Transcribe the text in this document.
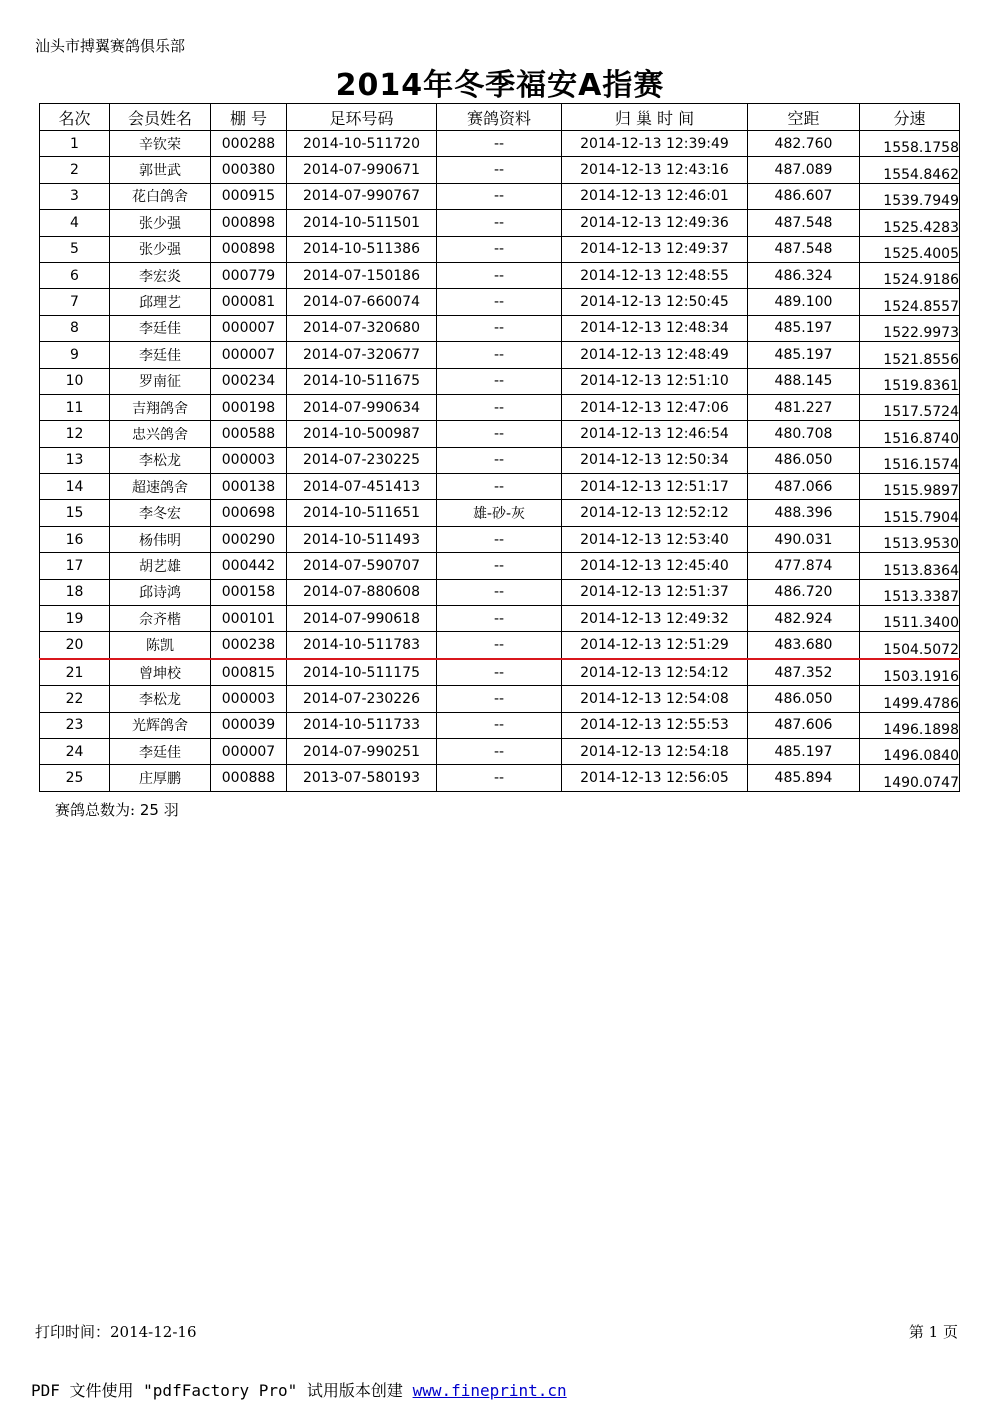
汕头市搏翼赛鸽俱乐部
2014年冬季福安A指赛
名次	会员姓名	棚 号	足环号码	赛鸽资料	归 巢 时 间	空距	分速
1	辛钦荣	000288	2014-10-511720	--	2014-12-13 12:39:49	482.760	1558.1758
2	郭世武	000380	2014-07-990671	--	2014-12-13 12:43:16	487.089	1554.8462
3	花白鸽舍	000915	2014-07-990767	--	2014-12-13 12:46:01	486.607	1539.7949
4	张少强	000898	2014-10-511501	--	2014-12-13 12:49:36	487.548	1525.4283
5	张少强	000898	2014-10-511386	--	2014-12-13 12:49:37	487.548	1525.4005
6	李宏炎	000779	2014-07-150186	--	2014-12-13 12:48:55	486.324	1524.9186
7	邱理艺	000081	2014-07-660074	--	2014-12-13 12:50:45	489.100	1524.8557
8	李廷佳	000007	2014-07-320680	--	2014-12-13 12:48:34	485.197	1522.9973
9	李廷佳	000007	2014-07-320677	--	2014-12-13 12:48:49	485.197	1521.8556
10	罗南征	000234	2014-10-511675	--	2014-12-13 12:51:10	488.145	1519.8361
11	吉翔鸽舍	000198	2014-07-990634	--	2014-12-13 12:47:06	481.227	1517.5724
12	忠兴鸽舍	000588	2014-10-500987	--	2014-12-13 12:46:54	480.708	1516.8740
13	李松龙	000003	2014-07-230225	--	2014-12-13 12:50:34	486.050	1516.1574
14	超速鸽舍	000138	2014-07-451413	--	2014-12-13 12:51:17	487.066	1515.9897
15	李冬宏	000698	2014-10-511651	雄-砂-灰	2014-12-13 12:52:12	488.396	1515.7904
16	杨伟明	000290	2014-10-511493	--	2014-12-13 12:53:40	490.031	1513.9530
17	胡艺雄	000442	2014-07-590707	--	2014-12-13 12:45:40	477.874	1513.8364
18	邱诗鸿	000158	2014-07-880608	--	2014-12-13 12:51:37	486.720	1513.3387
19	佘齐楷	000101	2014-07-990618	--	2014-12-13 12:49:32	482.924	1511.3400
20	陈凯	000238	2014-10-511783	--	2014-12-13 12:51:29	483.680	1504.5072
21	曾坤校	000815	2014-10-511175	--	2014-12-13 12:54:12	487.352	1503.1916
22	李松龙	000003	2014-07-230226	--	2014-12-13 12:54:08	486.050	1499.4786
23	光辉鸽舍	000039	2014-10-511733	--	2014-12-13 12:55:53	487.606	1496.1898
24	李廷佳	000007	2014-07-990251	--	2014-12-13 12:54:18	485.197	1496.0840
25	庄厚鹏	000888	2013-07-580193	--	2014-12-13 12:56:05	485.894	1490.0747
赛鸽总数为: 25 羽
打印时间：2014-12-16	第 1 页
PDF 文件使用 "pdfFactory Pro" 试用版本创建 www.fineprint.cn
